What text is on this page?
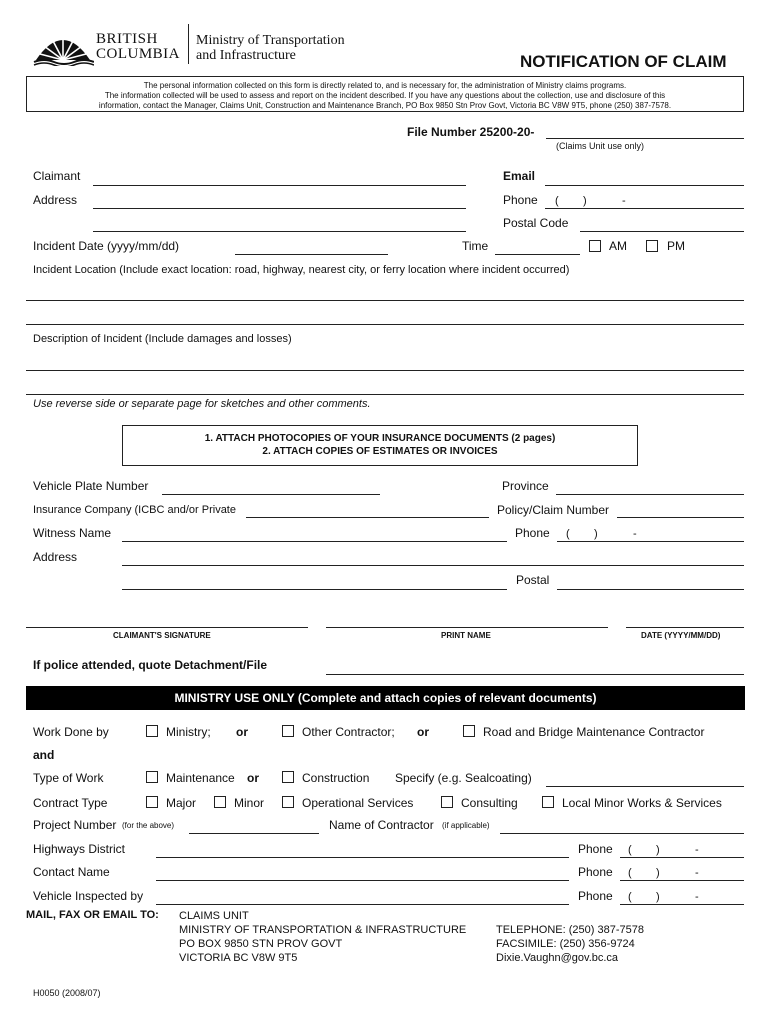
BRITISH
COLUMBIA
Ministry of Transportation
and Infrastructure	NOTIFICATION OF CLAIM
The personal information collected on this form is directly related to, and is necessary for, the administration of Ministry claims programs.
The information collected will be used to assess and report on the incident described. If you have any questions about the collection, use and disclosure of this
information, contact the Manager, Claims Unit, Construction and Maintenance Branch, PO Box 9850 Stn Prov Govt, Victoria BC V8W 9T5, phone (250) 387-7578.
File Number 25200-20-
(Claims Unit use only)
Claimant	Email
Address	Phone ( )	-
Postal Code
Incident Date (yyyy/mm/dd)	Time	AM	PM
Incident Location (Include exact location: road, highway, nearest city, or ferry location where incident occurred)
Description of Incident (Include damages and losses)
Use reverse side or separate page for sketches and other comments.
1. ATTACH PHOTOCOPIES OF YOUR INSURANCE DOCUMENTS (2 pages)
2. ATTACH COPIES OF ESTIMATES OR INVOICES
Vehicle Plate Number	Province
Insurance Company (ICBC and/or Private	Policy/Claim Number
Witness Name	Phone ( )	-
Address
Postal
CLAIMANT'S SIGNATURE	PRINT NAME	DATE (YYYY/MM/DD)
If police attended, quote Detachment/File
MINISTRY USE ONLY (Complete and attach copies of relevant documents)
Work Done by	Ministry; or	Other Contractor; or	Road and Bridge Maintenance Contractor
and
Type of Work	Maintenance or	Construction Specify (e.g. Sealcoating)
Contract Type	Major	Minor	Operational Services	Consulting	Local Minor Works & Services
Project Number (for the above)	Name of Contractor (if applicable)
Highways District	Phone ( )	-
Contact Name	Phone ( )	-
Vehicle Inspected by	Phone ( )	-
MAIL, FAX OR EMAIL TO: CLAIMS UNIT
MINISTRY OF TRANSPORTATION & INFRASTRUCTURE
PO BOX 9850 STN PROV GOVT
VICTORIA BC V8W 9T5
TELEPHONE: (250) 387-7578
FACSIMILE: (250) 356-9724
Dixie.Vaughn@gov.bc.ca
H0050 (2008/07)
